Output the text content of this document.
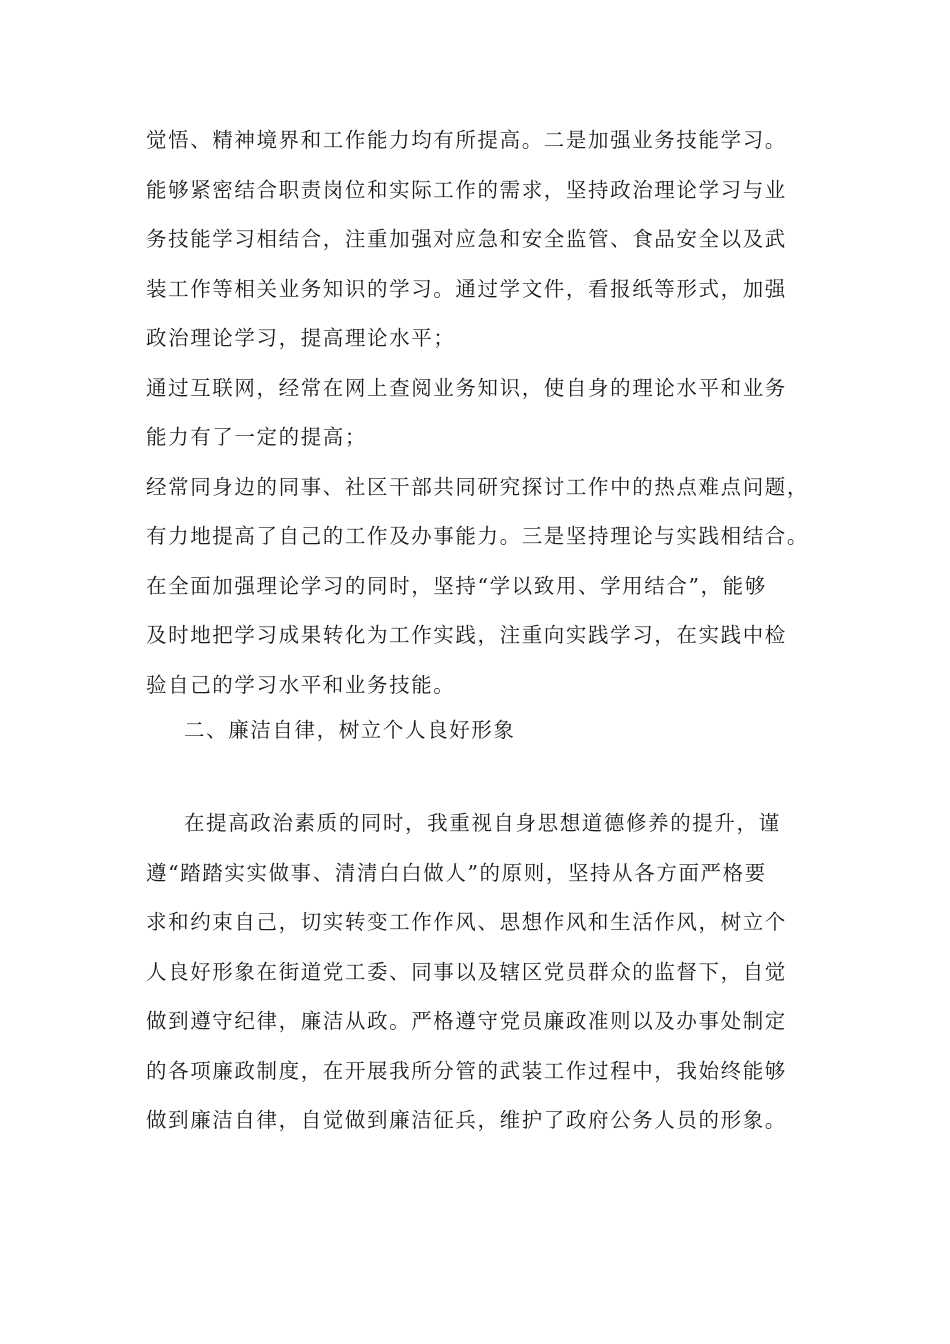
觉悟、精神境界和工作能力均有所提高。二是加强业务技能学习。
能够紧密结合职责岗位和实际工作的需求，坚持政治理论学习与业
务技能学习相结合，注重加强对应急和安全监管、食品安全以及武
装工作等相关业务知识的学习。通过学文件，看报纸等形式，加强
政治理论学习，提高理论水平；
通过互联网，经常在网上查阅业务知识，使自身的理论水平和业务
能力有了一定的提高；
经常同身边的同事、社区干部共同研究探讨工作中的热点难点问题，
有力地提高了自己的工作及办事能力。三是坚持理论与实践相结合。
在全面加强理论学习的同时，坚持“学以致用、学用结合”，能够
及时地把学习成果转化为工作实践，注重向实践学习，在实践中检
验自己的学习水平和业务技能。
二、廉洁自律，树立个人良好形象
在提高政治素质的同时，我重视自身思想道德修养的提升，谨
遵“踏踏实实做事、清清白白做人”的原则，坚持从各方面严格要
求和约束自己，切实转变工作作风、思想作风和生活作风，树立个
人良好形象在街道党工委、同事以及辖区党员群众的监督下，自觉
做到遵守纪律，廉洁从政。严格遵守党员廉政准则以及办事处制定
的各项廉政制度，在开展我所分管的武装工作过程中，我始终能够
做到廉洁自律，自觉做到廉洁征兵，维护了政府公务人员的形象。
